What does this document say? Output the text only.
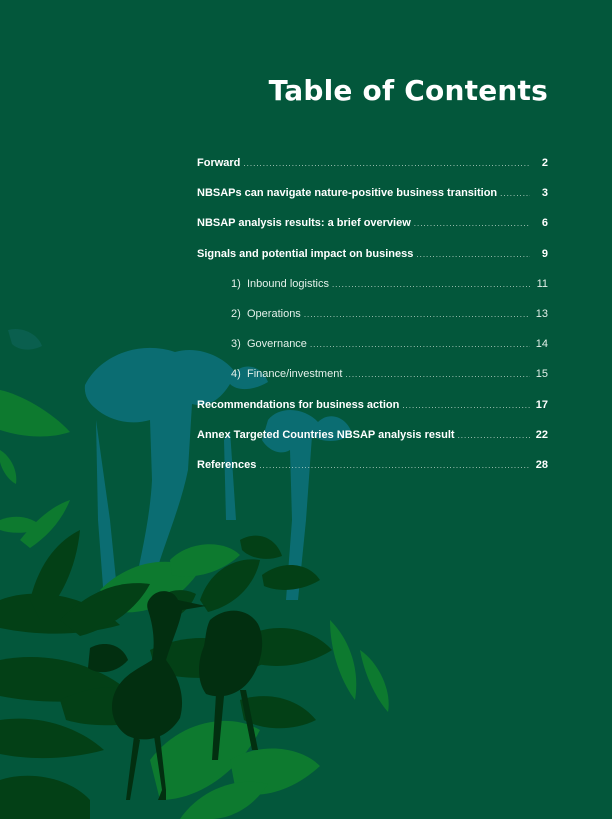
Table of Contents
Forward .....	2
NBSAPs can navigate nature-positive business transition .....	3
NBSAP analysis results: a brief overview .....	6
Signals and potential impact on business .....	9
1) Inbound logistics .....	11
2) Operations .....	13
3) Governance .....	14
4) Finance/investment .....	15
Recommendations for business action .....	17
Annex Targeted Countries NBSAP analysis result .....	22
References .....	28
